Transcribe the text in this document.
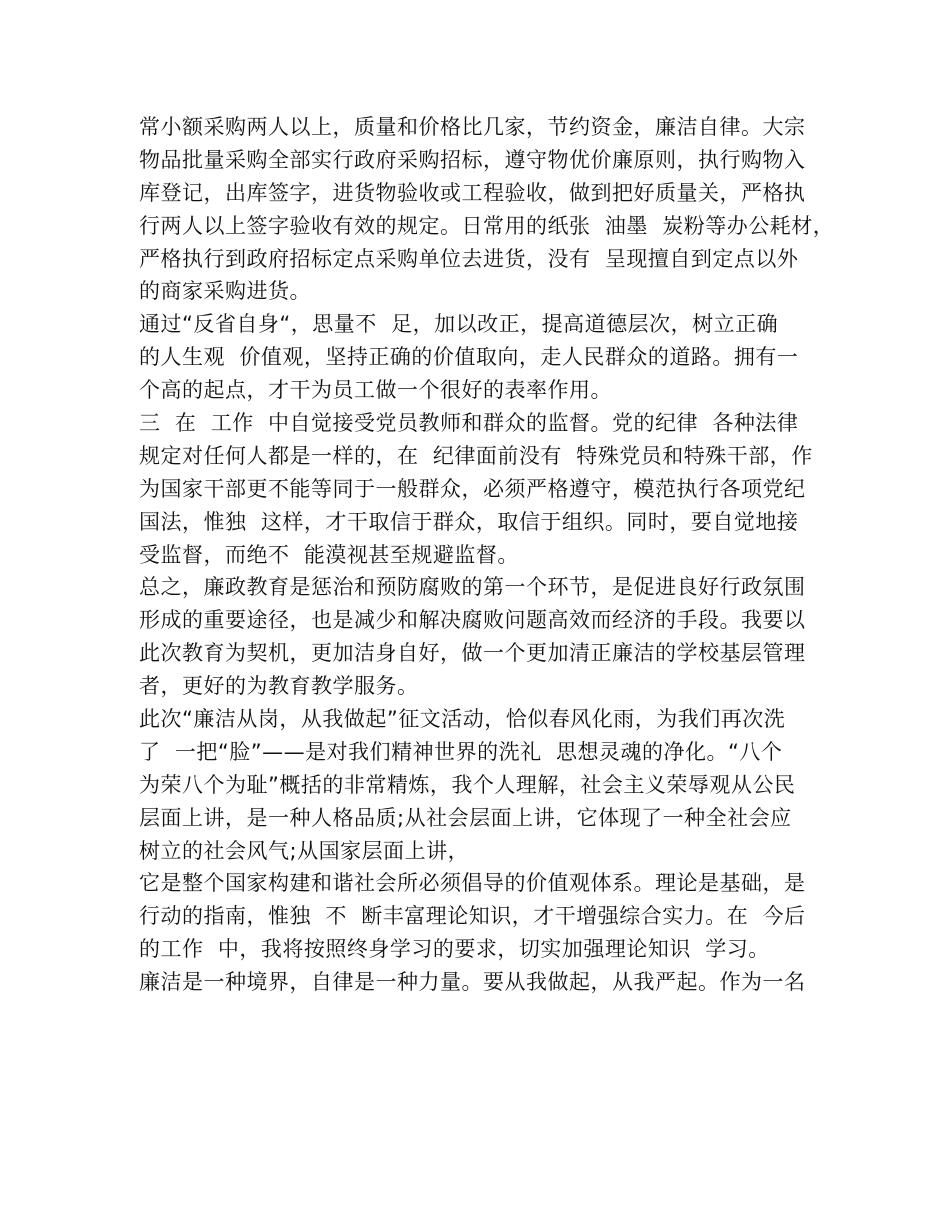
常小额采购两人以上，质量和价格比几家，节约资金，廉洁自律。大宗
物品批量采购全部实行政府采购招标，遵守物优价廉原则，执行购物入
库登记，出库签字，进货物验收或工程验收，做到把好质量关，严格执
行两人以上签字验收有效的规定。日常用的纸张  油墨  炭粉等办公耗材，
严格执行到政府招标定点采购单位去进货，没有  呈现擅自到定点以外
的商家采购进货。
通过“反省自身“，思量不  足，加以改正，提高道德层次，树立正确
的人生观  价值观，坚持正确的价值取向，走人民群众的道路。拥有一
个高的起点，才干为员工做一个很好的表率作用。
三  在  工作  中自觉接受党员教师和群众的监督。党的纪律  各种法律
规定对任何人都是一样的，在  纪律面前没有  特殊党员和特殊干部，作
为国家干部更不能等同于一般群众，必须严格遵守，模范执行各项党纪
国法，惟独  这样，才干取信于群众，取信于组织。同时，要自觉地接
受监督，而绝不  能漠视甚至规避监督。
总之，廉政教育是惩治和预防腐败的第一个环节，是促进良好行政氛围
形成的重要途径，也是减少和解决腐败问题高效而经济的手段。我要以
此次教育为契机，更加洁身自好，做一个更加清正廉洁的学校基层管理
者，更好的为教育教学服务。
此次“廉洁从岗，从我做起”征文活动，恰似春风化雨，为我们再次洗
了  一把“脸”——是对我们精神世界的洗礼  思想灵魂的净化。“八个
为荣八个为耻”概括的非常精炼，我个人理解，社会主义荣辱观从公民
层面上讲，是一种人格品质;从社会层面上讲，它体现了一种全社会应
树立的社会风气;从国家层面上讲，
它是整个国家构建和谐社会所必须倡导的价值观体系。理论是基础，是
行动的指南，惟独  不  断丰富理论知识，才干增强综合实力。在  今后
的工作  中，我将按照终身学习的要求，切实加强理论知识  学习。
廉洁是一种境界，自律是一种力量。要从我做起，从我严起。作为一名
